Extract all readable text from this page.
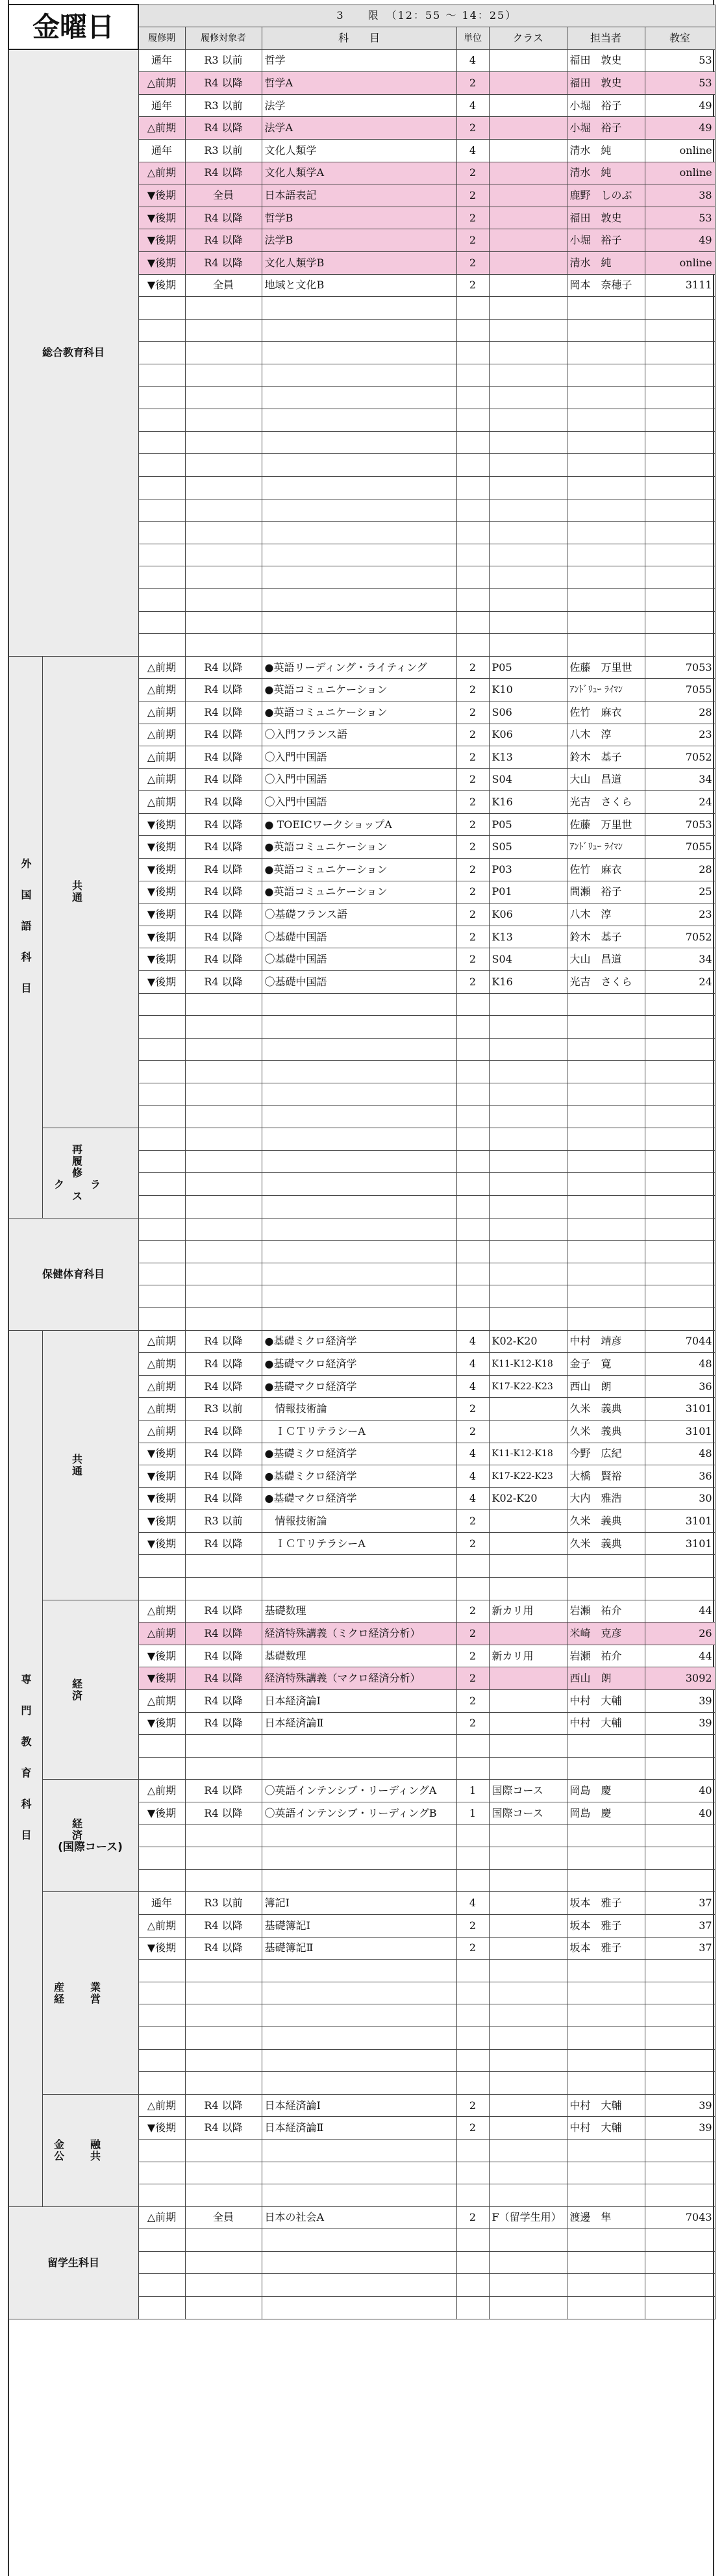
金曜日		3　　限　（12：55 〜 14：25）						
		履修期	履修対象者	科　　目	単位	クラス	担当者	教室
総合教育科目		通年	R3 以前	哲学	4		福田　敦史	53
		△前期	R4 以降	哲学A	2		福田　敦史	53
		通年	R3 以前	法学	4		小堀　裕子	49
		△前期	R4 以降	法学A	2		小堀　裕子	49
		通年	R3 以前	文化人類学	4		清水　純	online
		△前期	R4 以降	文化人類学A	2		清水　純	online
		▼後期	全員	日本語表記	2		鹿野　しのぶ	38
		▼後期	R4 以降	哲学B	2		福田　敦史	53
		▼後期	R4 以降	法学B	2		小堀　裕子	49
		▼後期	R4 以降	文化人類学B	2		清水　純	online
		▼後期	全員	地域と文化B	2		岡本　奈穂子	3111

外国語科目	共　通	△前期	R4 以降	●英語リーディング・ライティング	2	P05	佐藤　万里世	7053
		△前期	R4 以降	●英語コミュニケーション	2	K10	ｱﾝﾄﾞﾘｭｰ ﾗｲﾏﾝ	7055
		△前期	R4 以降	●英語コミュニケーション	2	S06	佐竹　麻衣	28
		△前期	R4 以降	〇入門フランス語	2	K06	八木　淳	23
		△前期	R4 以降	〇入門中国語	2	K13	鈴木　基子	7052
		△前期	R4 以降	〇入門中国語	2	S04	大山　昌道	34
		△前期	R4 以降	〇入門中国語	2	K16	光吉　さくら	24
		▼後期	R4 以降	● TOEICワークショップA	2	P05	佐藤　万里世	7053
		▼後期	R4 以降	●英語コミュニケーション	2	S05	ｱﾝﾄﾞﾘｭｰ ﾗｲﾏﾝ	7055
		▼後期	R4 以降	●英語コミュニケーション	2	P03	佐竹　麻衣	28
		▼後期	R4 以降	●英語コミュニケーション	2	P01	間瀬　裕子	25
		▼後期	R4 以降	〇基礎フランス語	2	K06	八木　淳	23
		▼後期	R4 以降	〇基礎中国語	2	K13	鈴木　基子	7052
		▼後期	R4 以降	〇基礎中国語	2	S04	大山　昌道	34
		▼後期	R4 以降	〇基礎中国語	2	K16	光吉　さくら	24

	再 履 修 クラス							

保健体育科目								

専門教育科目	共　通	△前期	R4 以降	●基礎ミクロ経済学	4	K02-K20	中村　靖彦	7044
		△前期	R4 以降	●基礎マクロ経済学	4	K11-K12-K18	金子　寛	48
		△前期	R4 以降	●基礎マクロ経済学	4	K17-K22-K23	西山　朗	36
		△前期	R3 以前	　情報技術論	2		久米　義典	3101
		△前期	R4 以降	　ＩＣＴリテラシーA	2		久米　義典	3101
		▼後期	R4 以降	●基礎ミクロ経済学	4	K11-K12-K18	今野　広紀	48
		▼後期	R4 以降	●基礎ミクロ経済学	4	K17-K22-K23	大橋　賢裕	36
		▼後期	R4 以降	●基礎マクロ経済学	4	K02-K20	大内　雅浩	30
		▼後期	R3 以前	　情報技術論	2		久米　義典	3101
		▼後期	R4 以降	　ＩＣＴリテラシーA	2		久米　義典	3101

	経　済	△前期	R4 以降	基礎数理	2	新カリ用	岩瀬　祐介	44
		△前期	R4 以降	経済特殊講義（ミクロ経済分析）	2		米崎　克彦	26
		▼後期	R4 以降	基礎数理	2	新カリ用	岩瀬　祐介	44
		▼後期	R4 以降	経済特殊講義（マクロ経済分析）	2		西山　朗	3092
		△前期	R4 以降	日本経済論Ⅰ	2		中村　大輔	39
		▼後期	R4 以降	日本経済論Ⅱ	2		中村　大輔	39

	経　済
(国際コース)	△前期	R4 以降	〇英語インテンシブ・リーディングA	1	国際コース	岡島　慶	40
		▼後期	R4 以降	〇英語インテンシブ・リーディングB	1	国際コース	岡島　慶	40

	産業経営	通年	R3 以前	簿記Ⅰ	4		坂本　雅子	37
		△前期	R4 以降	基礎簿記Ⅰ	2		坂本　雅子	37
		▼後期	R4 以降	基礎簿記Ⅱ	2		坂本　雅子	37

	金融公共	△前期	R4 以降	日本経済論Ⅰ	2		中村　大輔	39
		▼後期	R4 以降	日本経済論Ⅱ	2		中村　大輔	39

留学生科目		△前期	全員	日本の社会A	2	F（留学生用）	渡邊　隼	7043
